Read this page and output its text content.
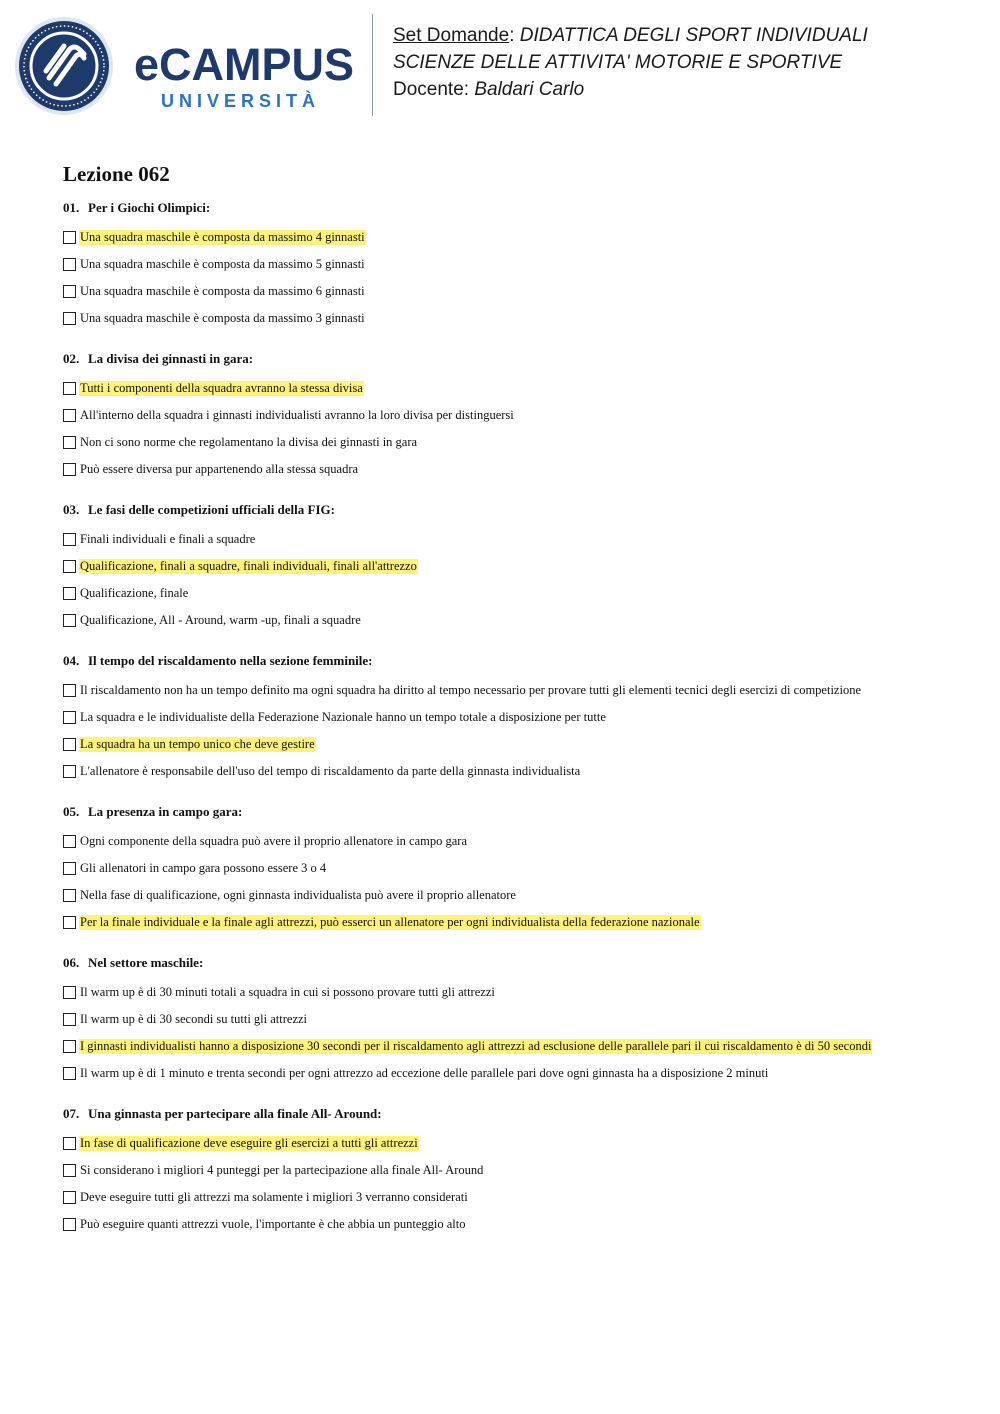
eCAMPUS
UNIVERSITÀ
Set Domande: DIDATTICA DEGLI SPORT INDIVIDUALI
SCIENZE DELLE ATTIVITA' MOTORIE E SPORTIVE
Docente: Baldari Carlo
Lezione 062
01. Per i Giochi Olimpici:
Una squadra maschile è composta da massimo 4 ginnasti
Una squadra maschile è composta da massimo 5 ginnasti
Una squadra maschile è composta da massimo 6 ginnasti
Una squadra maschile è composta da massimo 3 ginnasti
02. La divisa dei ginnasti in gara:
Tutti i componenti della squadra avranno la stessa divisa
All'interno della squadra i ginnasti individualisti avranno la loro divisa per distinguersi
Non ci sono norme che regolamentano la divisa dei ginnasti in gara
Può essere diversa pur appartenendo alla stessa squadra
03. Le fasi delle competizioni ufficiali della FIG:
Finali individuali e finali a squadre
Qualificazione, finali a squadre, finali individuali, finali all'attrezzo
Qualificazione, finale
Qualificazione, All - Around, warm -up, finali a squadre
04. Il tempo del riscaldamento nella sezione femminile:
Il riscaldamento non ha un tempo definito ma ogni squadra ha diritto al tempo necessario per provare tutti gli elementi tecnici degli esercizi di competizione
La squadra e le individualiste della Federazione Nazionale hanno un tempo totale a disposizione per tutte
La squadra ha un tempo unico che deve gestire
L'allenatore è responsabile dell'uso del tempo di riscaldamento da parte della ginnasta individualista
05. La presenza in campo gara:
Ogni componente della squadra può avere il proprio allenatore in campo gara
Gli allenatori in campo gara possono essere 3 o 4
Nella fase di qualificazione, ogni ginnasta individualista può avere il proprio allenatore
Per la finale individuale e la finale agli attrezzi, può esserci un allenatore per ogni individualista della federazione nazionale
06. Nel settore maschile:
Il warm up è di 30 minuti totali a squadra in cui si possono provare tutti gli attrezzi
Il warm up è di 30 secondi su tutti gli attrezzi
I ginnasti individualisti hanno a disposizione 30 secondi per il riscaldamento agli attrezzi ad esclusione delle parallele pari il cui riscaldamento è di 50 secondi
Il warm up è di 1 minuto e trenta secondi per ogni attrezzo ad eccezione delle parallele pari dove ogni ginnasta ha a disposizione 2 minuti
07. Una ginnasta per partecipare alla finale All- Around:
In fase di qualificazione deve eseguire gli esercizi a tutti gli attrezzi
Si considerano i migliori 4 punteggi per la partecipazione alla finale All- Around
Deve eseguire tutti gli attrezzi ma solamente i migliori 3 verranno considerati
Può eseguire quanti attrezzi vuole, l'importante è che abbia un punteggio alto
